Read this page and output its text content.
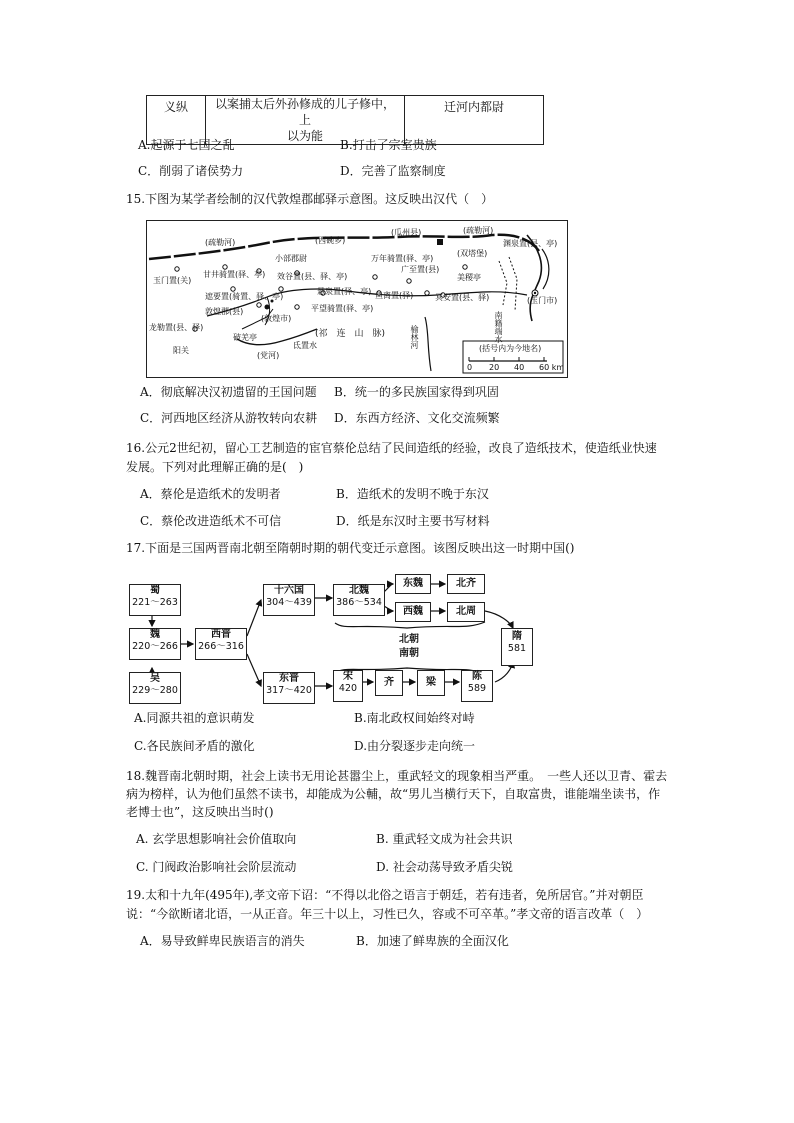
义纵	以案捕太后外孙修成的儿子修中，上
以为能
	迁河内都尉
A.起源于七国之乱	B.打击了宗室贵族
C．削弱了诸侯势力	D．完善了监察制度
15.下图为某学者绘制的汉代敦煌郡邮驿示意图。这反映出汉代（　）
(疏勒河)	(西碗乡)
(瓜州县)	(疏勒河)
(双塔堡)
渊泉置(县、亭)
小部郡尉	万年骑置(驿、亭)
玉门置(关)
甘井骑置(驿、亭) 效谷置(县、驿、亭)
广至置(县)
美稷亭
悬泉置(驿、亭) 鱼离置(驿)	冥安置(县、驿)	(玉门市)
遮要置(骑置、驿、亭)
敦煌郡(县)
(敦煌市)
平望骑置(驿、亭)
(祁　连　山　脉)
龙勒置(县、驿)
破羌亭
阳关
(党河)
氐置水	榆林河	南籍端水
(括号内为今地名)
0 20 40 60 km
A．彻底解决汉初遗留的王国问题 B．统一的多民族国家得到巩固
C．河西地区经济从游牧转向农耕 D．东西方经济、文化交流频繁
16.公元2世纪初，留心工艺制造的宦官蔡伦总结了民间造纸的经验，改良了造纸技术，使造纸业快速
发展。下列对此理解正确的是(　)
A．蔡伦是造纸术的发明者	B．造纸术的发明不晚于东汉
C．蔡伦改进造纸术不可信	D．纸是东汉时主要书写材料
17.下面是三国两晋南北朝至隋朝时期的朝代变迁示意图。该图反映出这一时期中国()
蜀
221～263
魏
220～266
吴
229～280
西晋
266～316
十六国
304～439
东晋
317～420
北魏
386～534
东魏
西魏
北齐
北周
北朝
南朝
宋
420
齐	梁
陈
589
隋
581
A.同源共祖的意识萌发	B.南北政权间始终对峙
C.各民族间矛盾的激化	D.由分裂逐步走向统一
18.魏晋南北朝时期，社会上读书无用论甚嚣尘上，重武轻文的现象相当严重。　一些人还以卫青、霍去
病为榜样，认为他们虽然不读书，却能成为公輔，故“男儿当横行天下，自取富贵，谁能端坐读书，作
老博士也”，这反映出当时()
A. 玄学思想影响社会价值取向	B. 重武轻文成为社会共识
C. 门阀政治影响社会阶层流动	D. 社会动荡导致矛盾尖锐
19.太和十九年(495年),孝文帝下诏：“不得以北俗之语言于朝廷，若有违者，免所居官。”并对朝臣
说：“今欲断诸北语，一从正音。年三十以上，习性已久，容或不可卒革。”孝文帝的语言改革（　）
A．易导致鲜卑民族语言的消失	B．加速了鲜卑族的全面汉化
